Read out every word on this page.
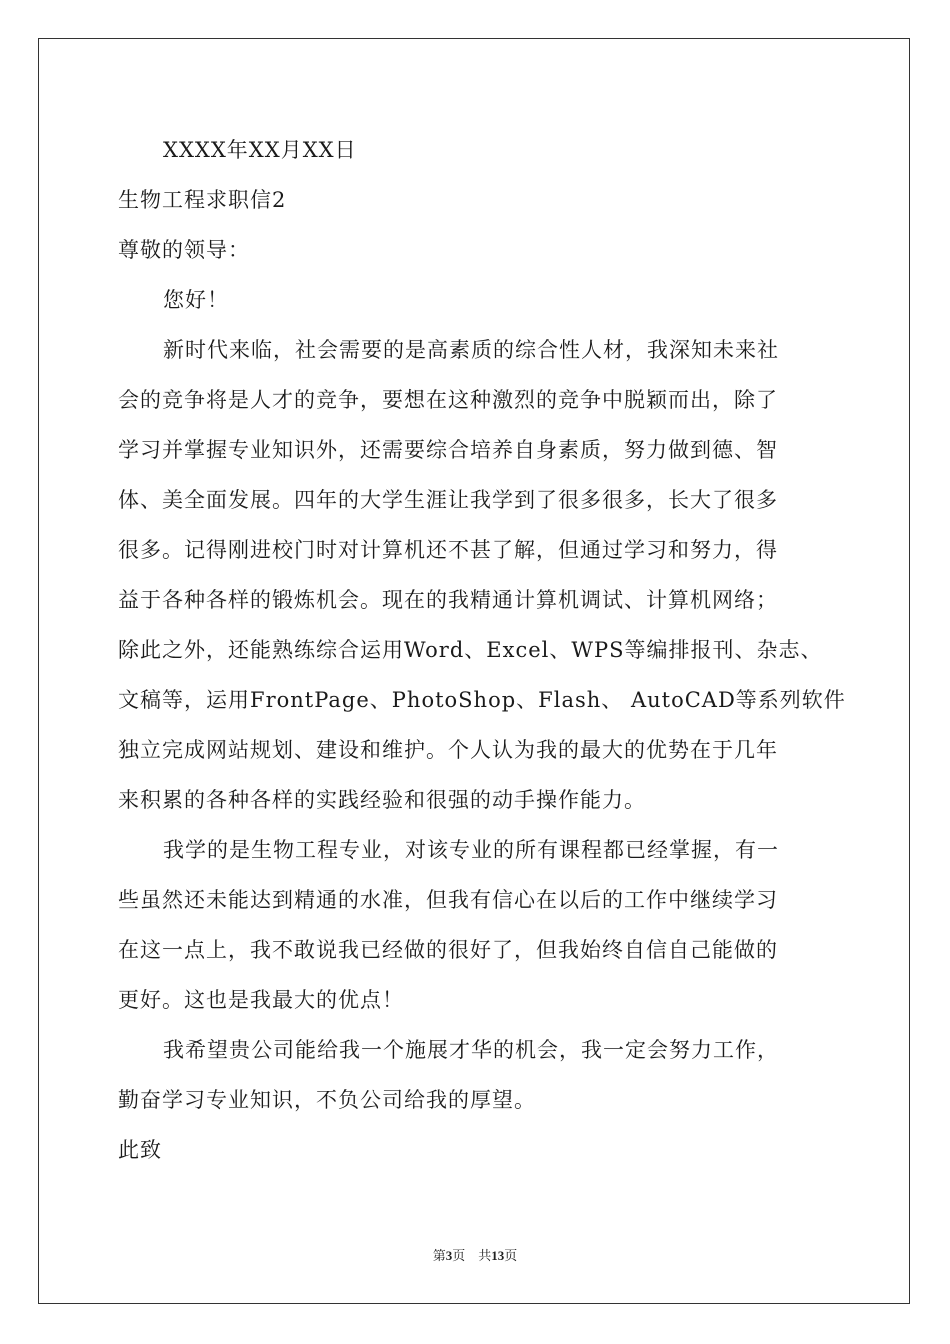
XXXX年XX月XX日
生物工程求职信2
尊敬的领导：
您好！
新时代来临，社会需要的是高素质的综合性人材，我深知未来社
会的竞争将是人才的竞争，要想在这种激烈的竞争中脱颖而出，除了
学习并掌握专业知识外，还需要综合培养自身素质，努力做到德、智
体、美全面发展。四年的大学生涯让我学到了很多很多，长大了很多
很多。记得刚进校门时对计算机还不甚了解，但通过学习和努力，得
益于各种各样的锻炼机会。现在的我精通计算机调试、计算机网络；
除此之外，还能熟练综合运用Word、Excel、WPS等编排报刊、杂志、
文稿等，运用FrontPage、PhotoShop、Flash、 AutoCAD等系列软件
独立完成网站规划、建设和维护。个人认为我的最大的优势在于几年
来积累的各种各样的实践经验和很强的动手操作能力。
我学的是生物工程专业，对该专业的所有课程都已经掌握，有一
些虽然还未能达到精通的水准，但我有信心在以后的工作中继续学习
在这一点上，我不敢说我已经做的很好了，但我始终自信自己能做的
更好。这也是我最大的优点！
我希望贵公司能给我一个施展才华的机会，我一定会努力工作，
勤奋学习专业知识，不负公司给我的厚望。
此致
第3页　共13页
